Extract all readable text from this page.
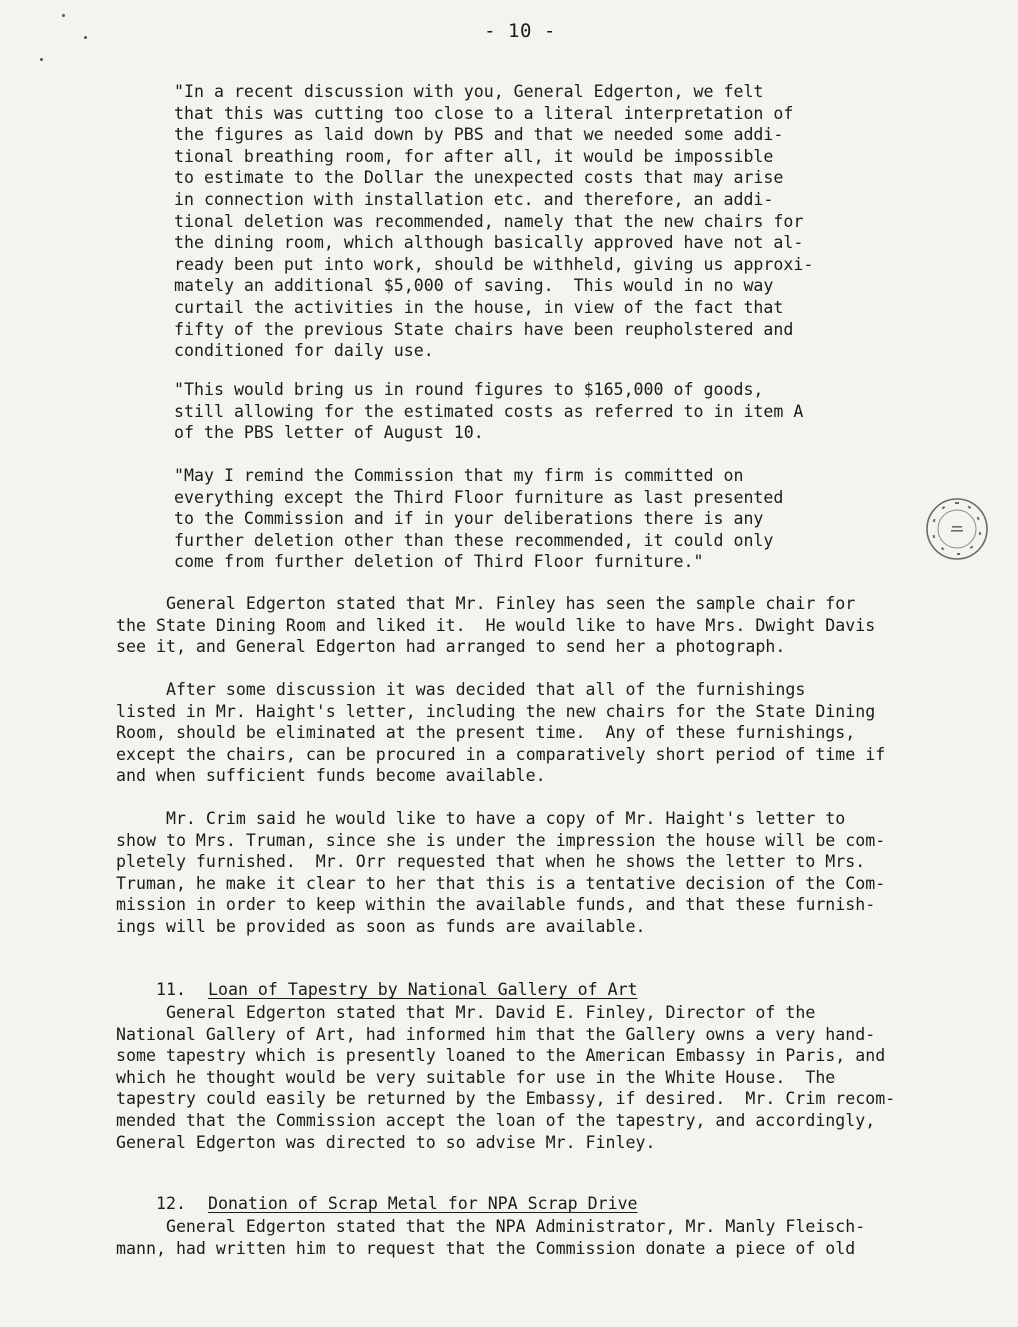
- 10 -

"In a recent discussion with you, General Edgerton, we felt
that this was cutting too close to a literal interpretation of
the figures as laid down by PBS and that we needed some addi-
tional breathing room, for after all, it would be impossible
to estimate to the Dollar the unexpected costs that may arise
in connection with installation etc. and therefore, an addi-
tional deletion was recommended, namely that the new chairs for
the dining room, which although basically approved have not al-
ready been put into work, should be withheld, giving us approxi-
mately an additional $5,000 of saving.  This would in no way
curtail the activities in the house, in view of the fact that
fifty of the previous State chairs have been reupholstered and
conditioned for daily use.

"This would bring us in round figures to $165,000 of goods,
still allowing for the estimated costs as referred to in item A
of the PBS letter of August 10.

"May I remind the Commission that my firm is committed on
everything except the Third Floor furniture as last presented
to the Commission and if in your deliberations there is any
further deletion other than these recommended, it could only
come from further deletion of Third Floor furniture."

General Edgerton stated that Mr. Finley has seen the sample chair for
the State Dining Room and liked it.  He would like to have Mrs. Dwight Davis
see it, and General Edgerton had arranged to send her a photograph.

After some discussion it was decided that all of the furnishings
listed in Mr. Haight's letter, including the new chairs for the State Dining
Room, should be eliminated at the present time.  Any of these furnishings,
except the chairs, can be procured in a comparatively short period of time if
and when sufficient funds become available.

Mr. Crim said he would like to have a copy of Mr. Haight's letter to
show to Mrs. Truman, since she is under the impression the house will be com-
pletely furnished.  Mr. Orr requested that when he shows the letter to Mrs.
Truman, he make it clear to her that this is a tentative decision of the Com-
mission in order to keep within the available funds, and that these furnish-
ings will be provided as soon as funds are available.

11. Loan of Tapestry by National Gallery of Art

General Edgerton stated that Mr. David E. Finley, Director of the
National Gallery of Art, had informed him that the Gallery owns a very hand-
some tapestry which is presently loaned to the American Embassy in Paris, and
which he thought would be very suitable for use in the White House.  The
tapestry could easily be returned by the Embassy, if desired.  Mr. Crim recom-
mended that the Commission accept the loan of the tapestry, and accordingly,
General Edgerton was directed to so advise Mr. Finley.

12. Donation of Scrap Metal for NPA Scrap Drive

General Edgerton stated that the NPA Administrator, Mr. Manly Fleisch-
mann, had written him to request that the Commission donate a piece of old
